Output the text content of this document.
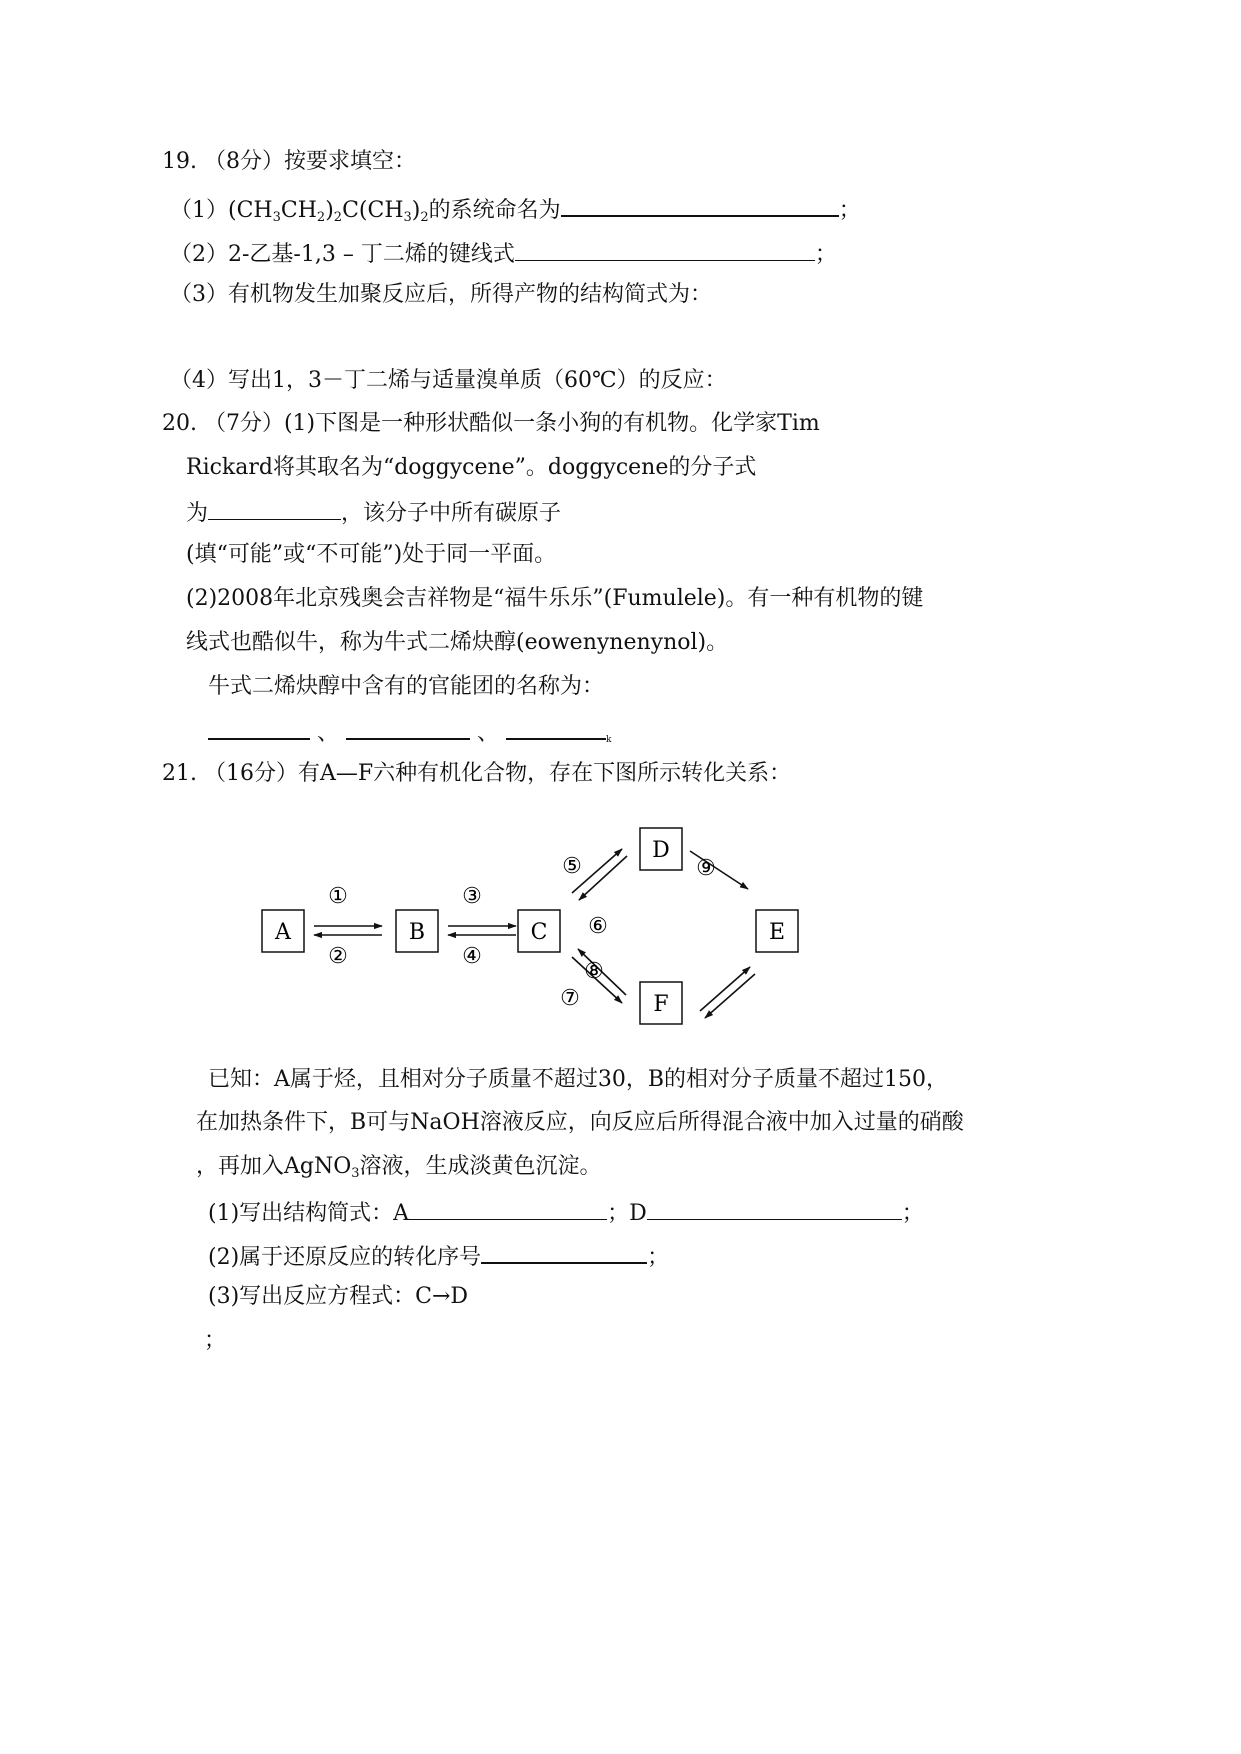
19. （8分）按要求填空：
$(1)(CH_3CH_2)_2C(CH_3)_2$的系统命名为	；
（2）2-乙基-1,3 – 丁二烯的键线式	；
（3）有机物发生加聚反应后，所得产物的结构简式为：
（4）写出1，3－丁二烯与适量溴单质（60℃）的反应：
20. （7分）(1)下图是一种形状酷似一条小狗的有机物。化学家Tim
Rickard将其取名为“doggycene”。doggycene的分子式
为	，该分子中所有碳原子
(填“可能”或“不可能”)处于同一平面。
(2)2008年北京残奥会吉祥物是“福牛乐乐”(Fumulele)。有一种有机物的键
线式也酷似牛，称为牛式二烯炔醇(eowenynenynol)。
牛式二烯炔醇中含有的官能团的名称为：
、	、	k
21. （16分）有A—F六种有机化合物，存在下图所示转化关系：
A	B	C
D
E
F
①
②
③
④
⑤
⑥
⑦
⑧
⑨
已知：A属于烃，且相对分子质量不超过30，B的相对分子质量不超过150，
在加热条件下，B可与NaOH溶液反应，向反应后所得混合液中加入过量的硝酸
，再加入AgNO$_3$溶液，生成淡黄色沉淀。
(1)写出结构简式：A	；D	；
(2)属于还原反应的转化序号	；
(3)写出反应方程式：C→D
；
